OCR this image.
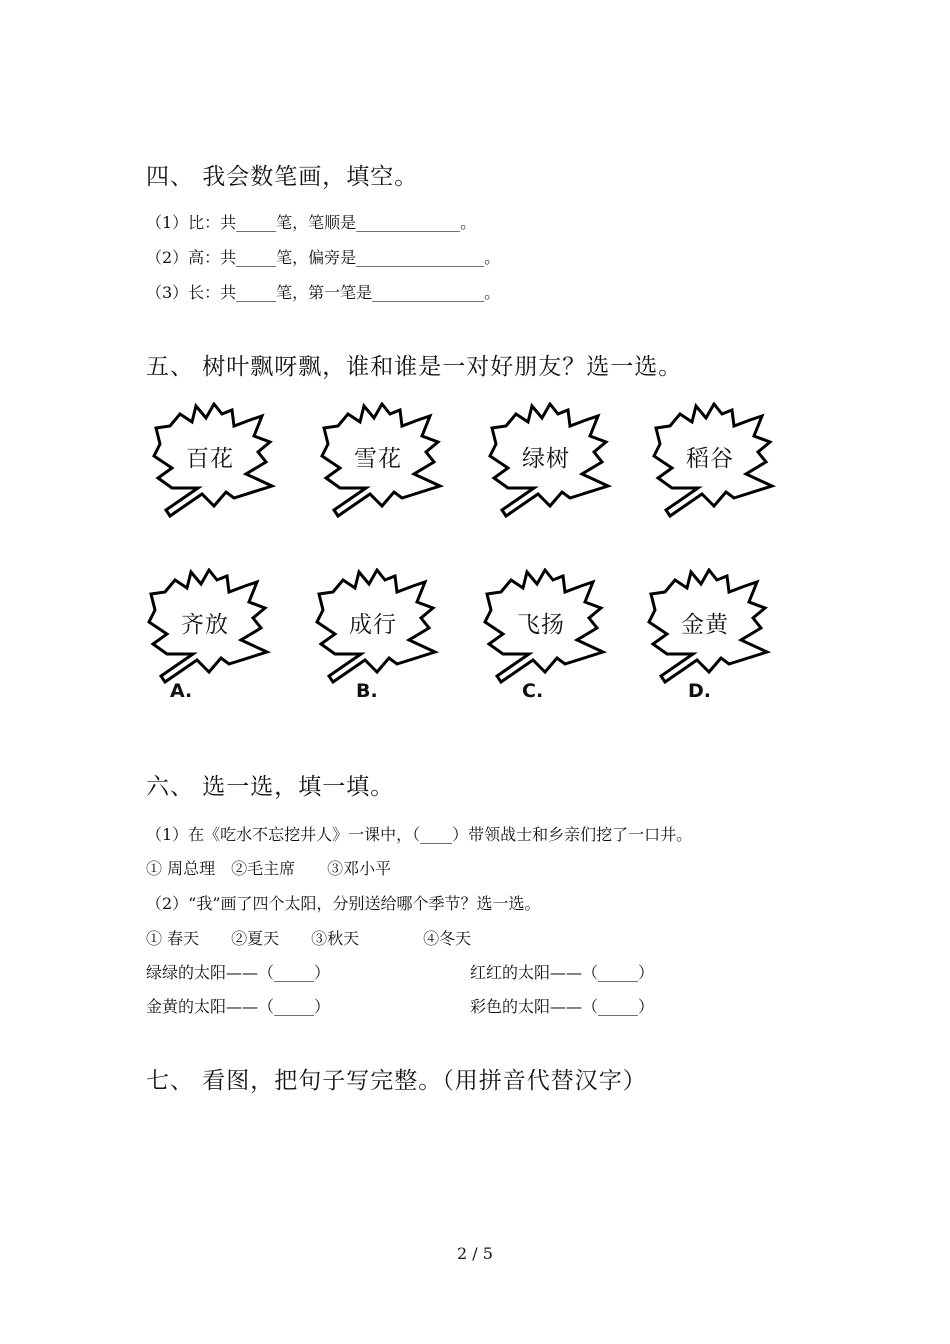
四、 我会数笔画，填空。
（1）比：共_____笔，笔顺是_____________。
（2）高：共_____笔，偏旁是________________。
（3）长：共_____笔，第一笔是______________。
五、 树叶飘呀飘，谁和谁是一对好朋友？选一选。
百花	雪花	绿树	稻谷
齐放	成行	飞扬	金黄
A.	B.	C.	D.
六、 选一选，填一填。
（1）在《吃水不忘挖井人》一课中，（____）带领战士和乡亲们挖了一口井。
① 周总理　②毛主席　　③邓小平
（2）“我”画了四个太阳，分别送给哪个季节？选一选。
① 春天　　②夏天　　③秋天　　　　④冬天
绿绿的太阳——（_____）	红红的太阳——（_____）
金黄的太阳——（_____）	彩色的太阳——（_____）
七、 看图，把句子写完整。（用拼音代替汉字）
2 / 5
